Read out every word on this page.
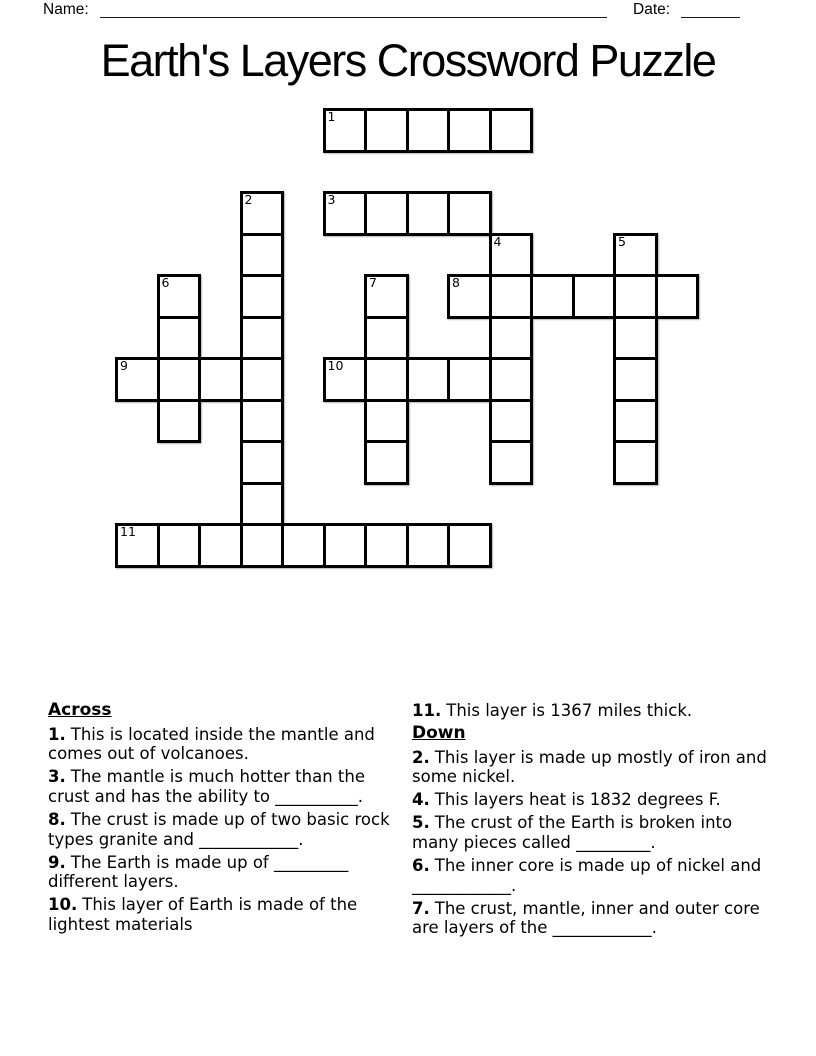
Name:	Date:
Earth's Layers Crossword Puzzle
1
2	3
4	5
6	7	8
9	10
11
Across
1. This is located inside the mantle and comes out of volcanoes.
3. The mantle is much hotter than the crust and has the ability to __________.
8. The crust is made up of two basic rock types granite and ____________.
9. The Earth is made up of _________ different layers.
10. This layer of Earth is made of the lightest materials
11. This layer is 1367 miles thick.
Down
2. This layer is made up mostly of iron and some nickel.
4. This layers heat is 1832 degrees F.
5. The crust of the Earth is broken into many pieces called _________.
6. The inner core is made up of nickel and ____________.
7. The crust, mantle, inner and outer core are layers of the ____________.
